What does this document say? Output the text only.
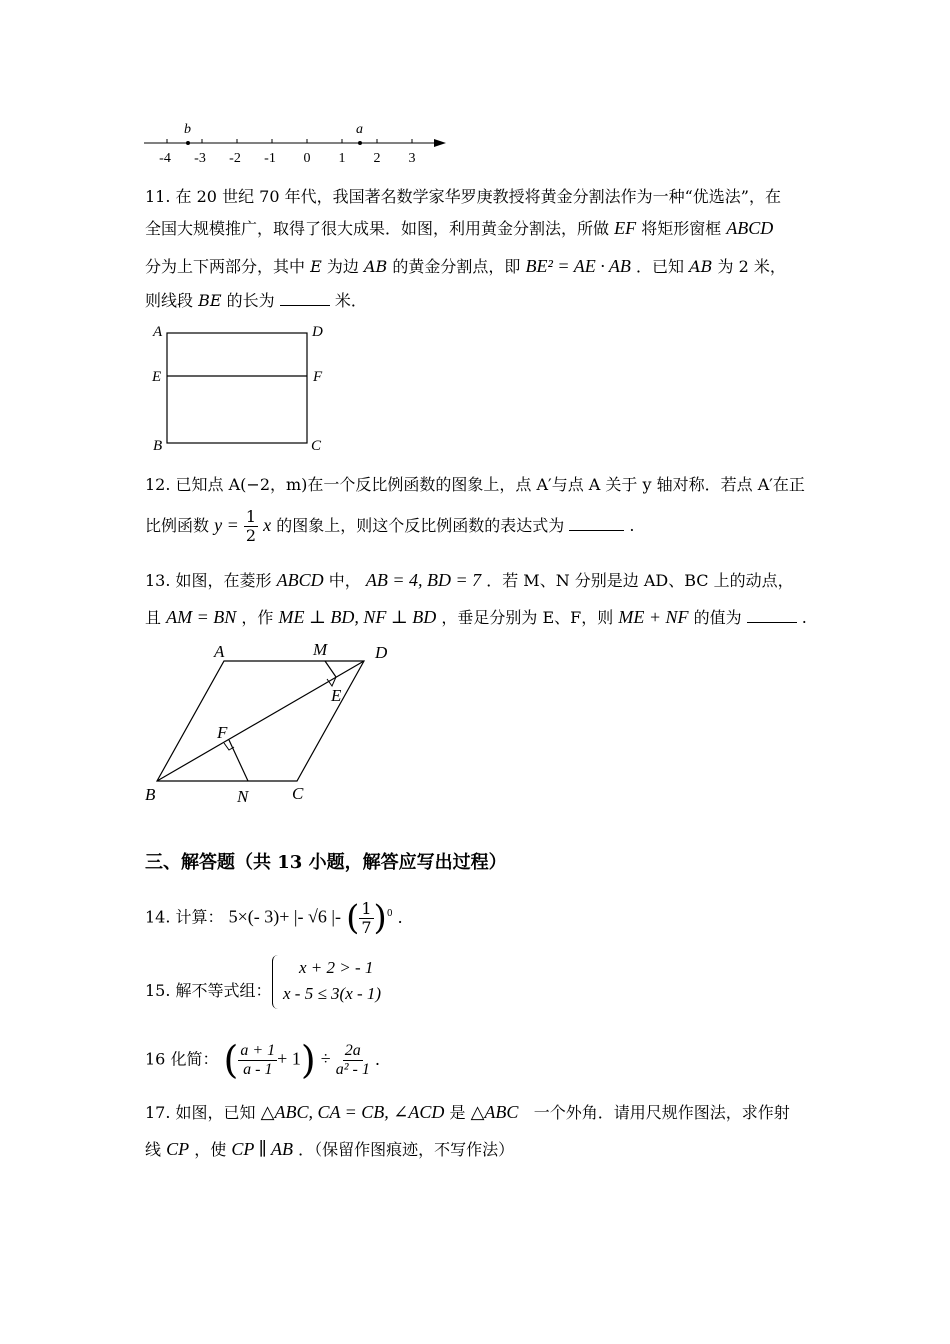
b	a
-4 -3 -2 -1 0 1 2 3
11. 在 20 世纪 70 年代，我国著名数学家华罗庚教授将黄金分割法作为一种“优选法”，在
全国大规模推广，取得了很大成果．如图，利用黄金分割法，所做 EF 将矩形窗框 ABCD
分为上下两部分，其中 E 为边 AB 的黄金分割点，即 BE² = AE · AB ．已知 AB 为 2 米，
则线段 BE 的长为	米．
A	D
E	F
B	C
12. 已知点 A(−2，m)在一个反比例函数的图象上，点 A′与点 A 关于 y 轴对称．若点 A′在正
比例函数 $y = \frac{1}{2}$ x 的图象上，则这个反比例函数的表达式为	.
13. 如图，在菱形 ABCD 中， AB = 4, BD = 7 ．若 M、N 分别是边 AD、BC 上的动点，
且 AM = BN ，作 ME ⊥ BD, NF ⊥ BD ，垂足分别为 E、F，则 ME + NF 的值为	.
A	M	D
E
F
B	N	C
三、解答题（共 13 小题，解答应写出过程）
14. 计算： 5×(- 3)+ |- √6 |- ( $\frac{1}{7} )^0$ ．
15. 解不等式组：
x + 2 > - 1
x - 5 ≤ 3(x - 1)
16 化简： ( $\frac{a + 1}{a - 1} + 1) \div \frac{2a}{\text{a² - 1}}$ ．
17. 如图，已知 △ABC, CA = CB, ∠ACD 是 △ABC 一个外角．请用尺规作图法，求作射
线 CP ，使 CP ∥ AB ．（保留作图痕迹，不写作法）
